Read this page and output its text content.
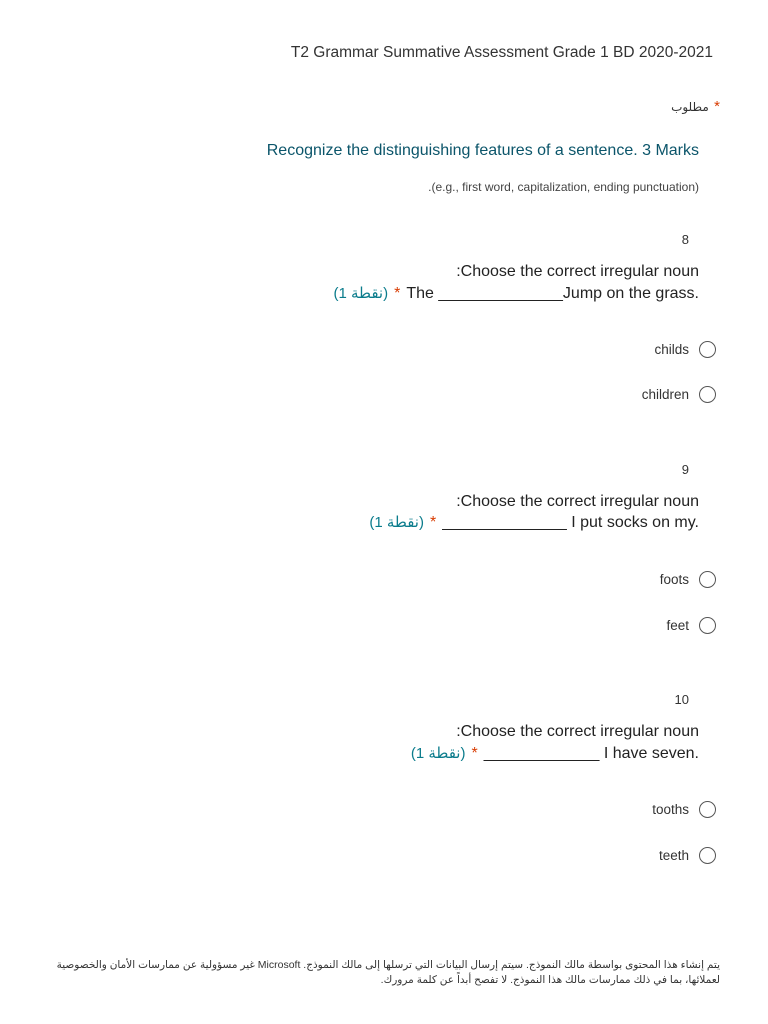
T2 Grammar Summative Assessment Grade 1 BD 2020-2021
* مطلوب
Recognize the distinguishing features of a sentence. 3 Marks
.(e.g., first word, capitalization, ending punctuation)
8
:Choose the correct irregular noun
(1 نقطة) * The ______________Jump on the grass.
childs
children
9
:Choose the correct irregular noun
(1 نقطة) * ______________ I put socks on my.
foots
feet
10
:Choose the correct irregular noun
(1 نقطة) * _____________ I have seven.
tooths
teeth
يتم إنشاء هذا المحتوى بواسطة مالك النموذج. سيتم إرسال البيانات التي ترسلها إلى مالك النموذج. Microsoft غير مسؤولية عن ممارسات الأمان والخصوصية لعملائها، بما في ذلك ممارسات مالك هذا النموذج. لا تفصح أبداً عن كلمة مرورك.
